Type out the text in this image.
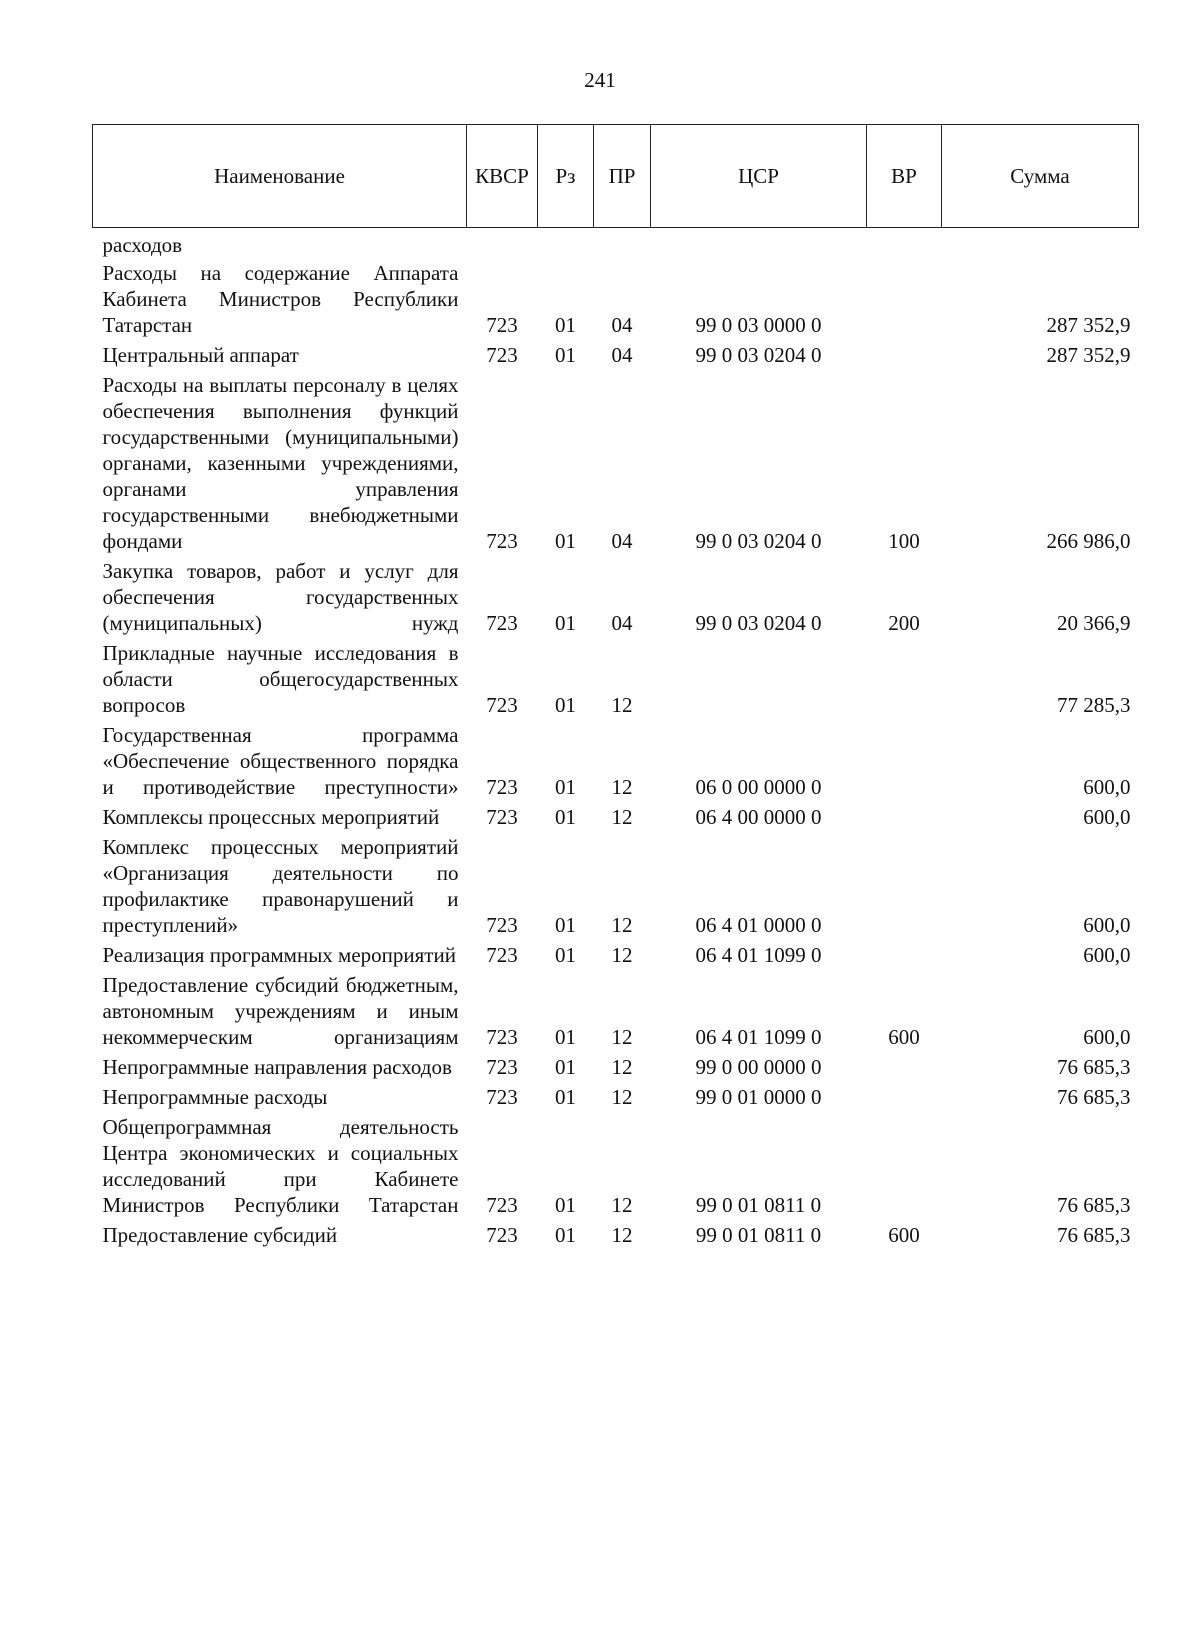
241
Наименование	КВСР	Рз	ПР	ЦСР	ВР	Сумма
расходов						
Расходы на содержание Аппарата Кабинета Министров Республики Татарстан	723	01	04	99 0 03 0000 0		287 352,9
Центральный аппарат	723	01	04	99 0 03 0204 0		287 352,9
Расходы на выплаты персоналу в целях обеспечения выполнения функций государственными (муниципальными) органами, казенными учреждениями, органами управления государственными внебюджетными фондами	723	01	04	99 0 03 0204 0	100	266 986,0
Закупка товаров, работ и услуг для обеспечения государственных (муниципальных) нужд	723	01	04	99 0 03 0204 0	200	20 366,9
Прикладные научные исследования в области общегосударственных вопросов	723	01	12			77 285,3
Государственная программа «Обеспечение общественного порядка и противодействие преступности»	723	01	12	06 0 00 0000 0		600,0
Комплексы процессных мероприятий	723	01	12	06 4 00 0000 0		600,0
Комплекс процессных мероприятий «Организация деятельности по профилактике правонарушений и преступлений»	723	01	12	06 4 01 0000 0		600,0
Реализация программных мероприятий	723	01	12	06 4 01 1099 0		600,0
Предоставление субсидий бюджетным, автономным учреждениям и иным некоммерческим организациям	723	01	12	06 4 01 1099 0	600	600,0
Непрограммные направления расходов	723	01	12	99 0 00 0000 0		76 685,3
Непрограммные расходы	723	01	12	99 0 01 0000 0		76 685,3
Общепрограммная деятельность Центра экономических и социальных исследований при Кабинете Министров Республики Татарстан	723	01	12	99 0 01 0811 0		76 685,3
Предоставление субсидий	723	01	12	99 0 01 0811 0	600	76 685,3
